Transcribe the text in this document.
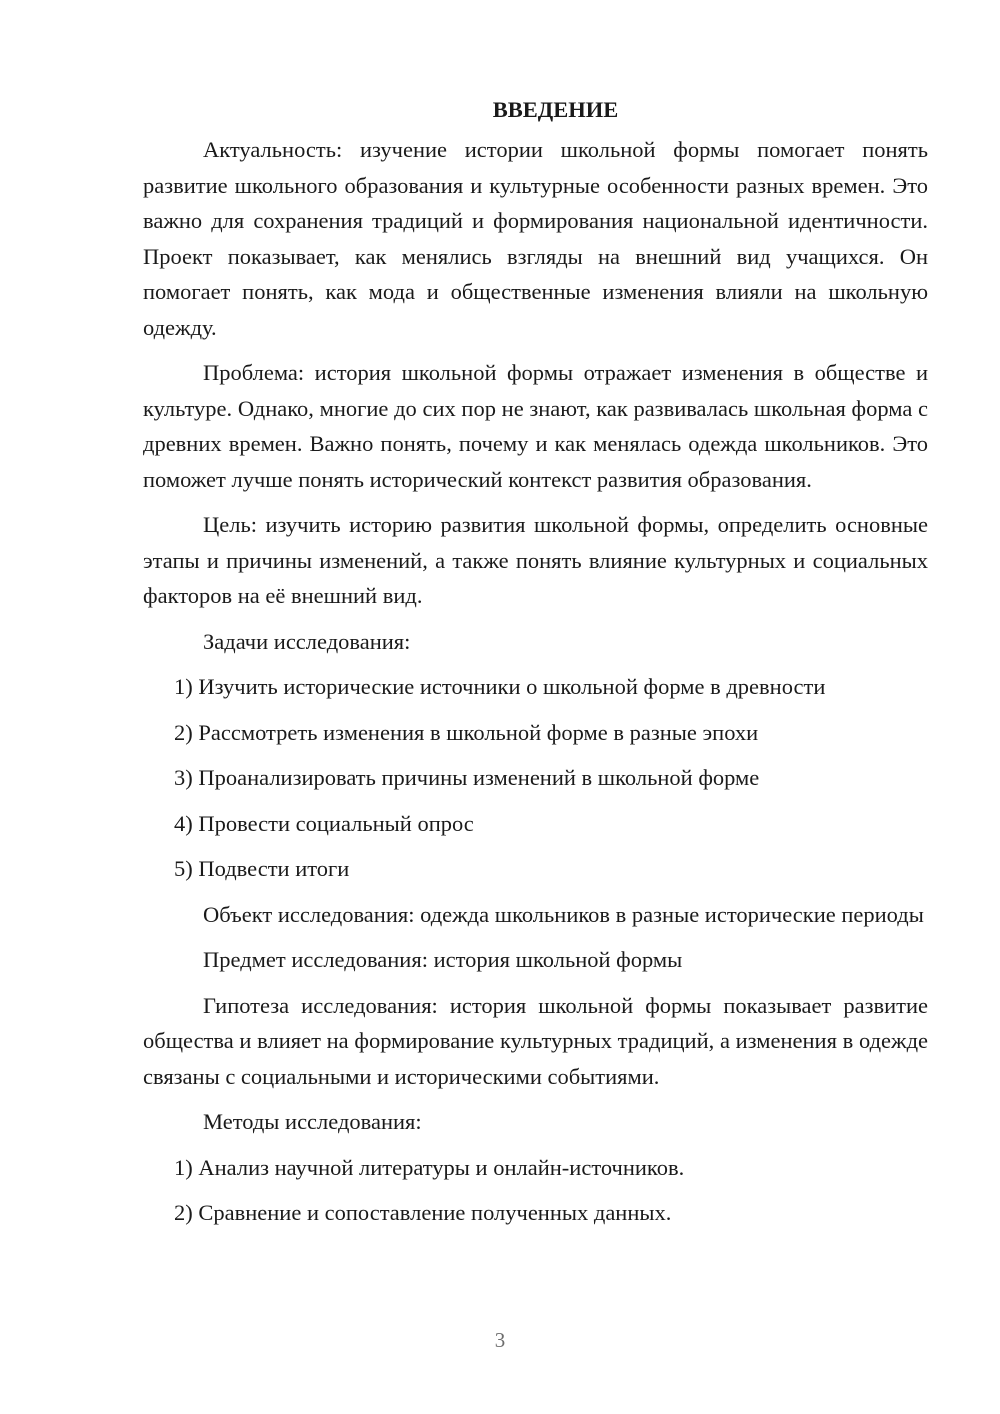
ВВЕДЕНИЕ

Актуальность: изучение истории школьной формы помогает понять развитие школьного образования и культурные особенности разных времен. Это важно для сохранения традиций и формирования национальной идентичности. Проект показывает, как менялись взгляды на внешний вид учащихся. Он помогает понять, как мода и общественные изменения влияли на школьную одежду.

Проблема: история школьной формы отражает изменения в обществе и культуре. Однако, многие до сих пор не знают, как развивалась школьная форма с древних времен. Важно понять, почему и как менялась одежда школьников. Это поможет лучше понять исторический контекст развития образования.

Цель: изучить историю развития школьной формы, определить основные этапы и причины изменений, а также понять влияние культурных и социальных факторов на её внешний вид.

Задачи исследования:
1) Изучить исторические источники о школьной форме в древности
2) Рассмотреть изменения в школьной форме в разные эпохи
3) Проанализировать причины изменений в школьной форме
4) Провести социальный опрос
5) Подвести итоги

Объект исследования: одежда школьников в разные исторические периоды

Предмет исследования: история школьной формы

Гипотеза исследования: история школьной формы показывает развитие общества и влияет на формирование культурных традиций, а изменения в одежде связаны с социальными и историческими событиями.

Методы исследования:
1) Анализ научной литературы и онлайн-источников.
2) Сравнение и сопоставление полученных данных.
3
